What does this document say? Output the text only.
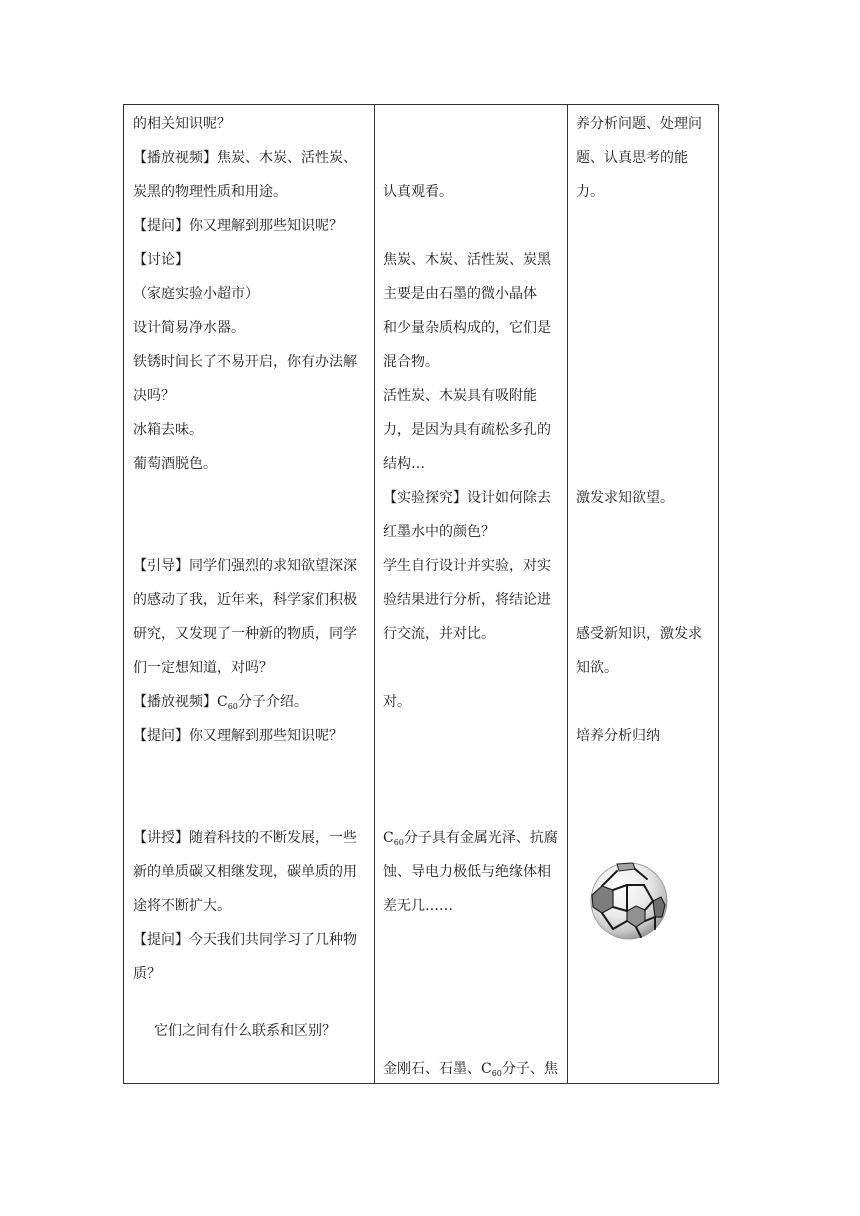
的相关知识呢？
【播放视频】焦炭、木炭、活性炭、
炭黑的物理性质和用途。
【提问】你又理解到那些知识呢？
【讨论】
（家庭实验小超市）
设计简易净水器。
铁锈时间长了不易开启，你有办法解
决吗？
冰箱去味。
葡萄酒脱色。
【引导】同学们强烈的求知欲望深深
的感动了我，近年来，科学家们积极
研究，又发现了一种新的物质，同学
们一定想知道，对吗？
【播放视频】$C_{60}$分子介绍。
【提问】你又理解到那些知识呢？
【讲授】随着科技的不断发展，一些
新的单质碳又相继发现，碳单质的用
途将不断扩大。
【提问】今天我们共同学习了几种物
质？
它们之间有什么联系和区别？
认真观看。
焦炭、木炭、活性炭、炭黑
主要是由石墨的微小晶体
和少量杂质构成的，它们是
混合物。
活性炭、木炭具有吸附能
力，是因为具有疏松多孔的
结构…
【实验探究】设计如何除去
红墨水中的颜色？
学生自行设计并实验，对实
验结果进行分析，将结论进
行交流，并对比。
对。
$C_{60}$分子具有金属光泽、抗腐
蚀、导电力极低与绝缘体相
差无几……
金刚石、石墨、$C_{60}$分子、焦
养分析问题、处理问
题、认真思考的能
力。
激发求知欲望。
感受新知识，激发求
知欲。
培养分析归纳
